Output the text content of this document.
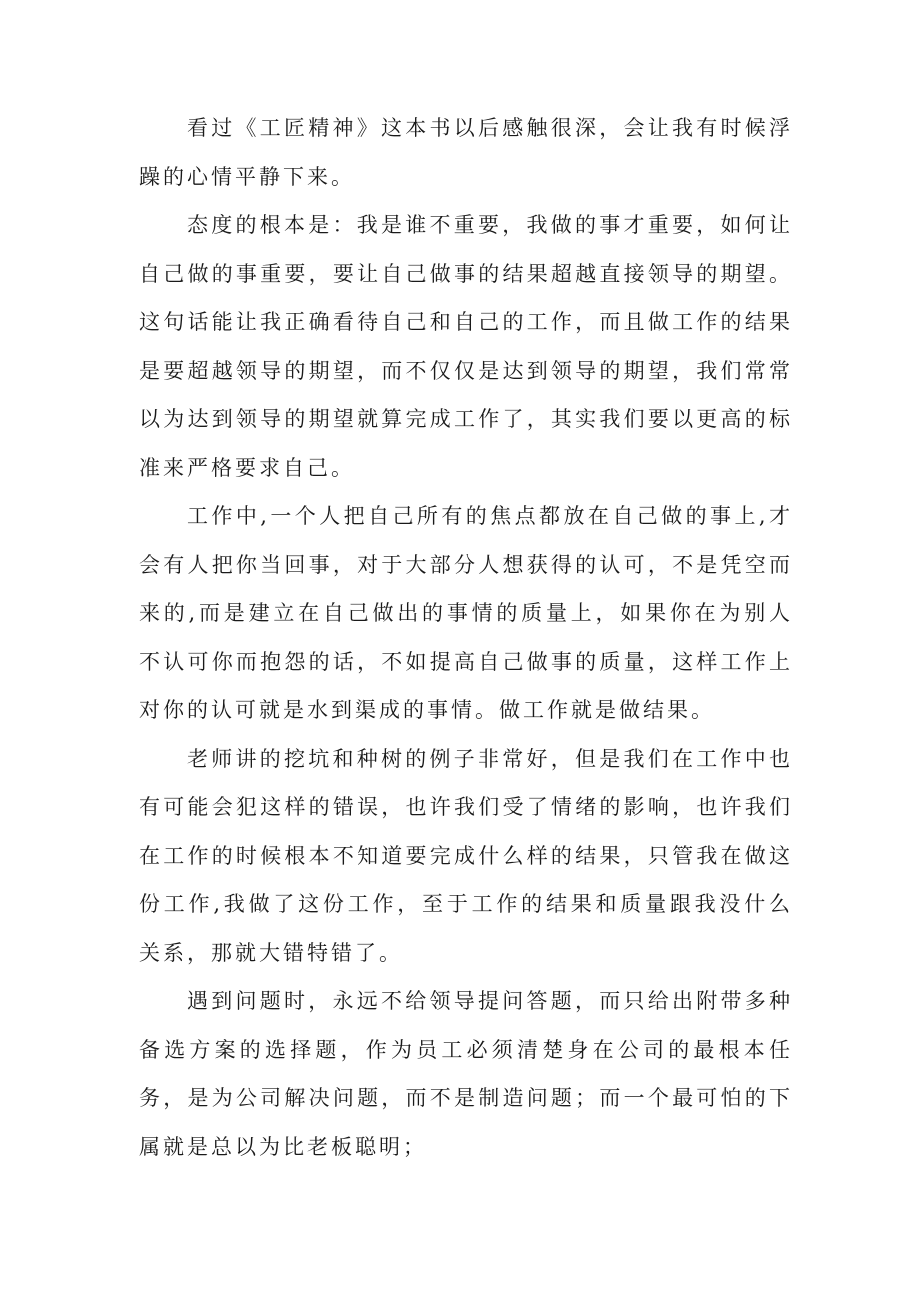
看过《工匠精神》这本书以后感触很深，会让我有时候浮躁的心情平静下来。

态度的根本是：我是谁不重要，我做的事才重要，如何让自己做的事重要，要让自己做事的结果超越直接领导的期望。这句话能让我正确看待自己和自己的工作，而且做工作的结果是要超越领导的期望，而不仅仅是达到领导的期望，我们常常以为达到领导的期望就算完成工作了，其实我们要以更高的标准来严格要求自己。

工作中,一个人把自己所有的焦点都放在自己做的事上,才会有人把你当回事，对于大部分人想获得的认可，不是凭空而来的,而是建立在自己做出的事情的质量上，如果你在为别人不认可你而抱怨的话，不如提高自己做事的质量，这样工作上对你的认可就是水到渠成的事情。做工作就是做结果。

老师讲的挖坑和种树的例子非常好，但是我们在工作中也有可能会犯这样的错误，也许我们受了情绪的影响，也许我们在工作的时候根本不知道要完成什么样的结果，只管我在做这份工作,我做了这份工作，至于工作的结果和质量跟我没什么关系，那就大错特错了。

遇到问题时，永远不给领导提问答题，而只给出附带多种备选方案的选择题，作为员工必须清楚身在公司的最根本任务，是为公司解决问题，而不是制造问题；而一个最可怕的下属就是总以为比老板聪明；
